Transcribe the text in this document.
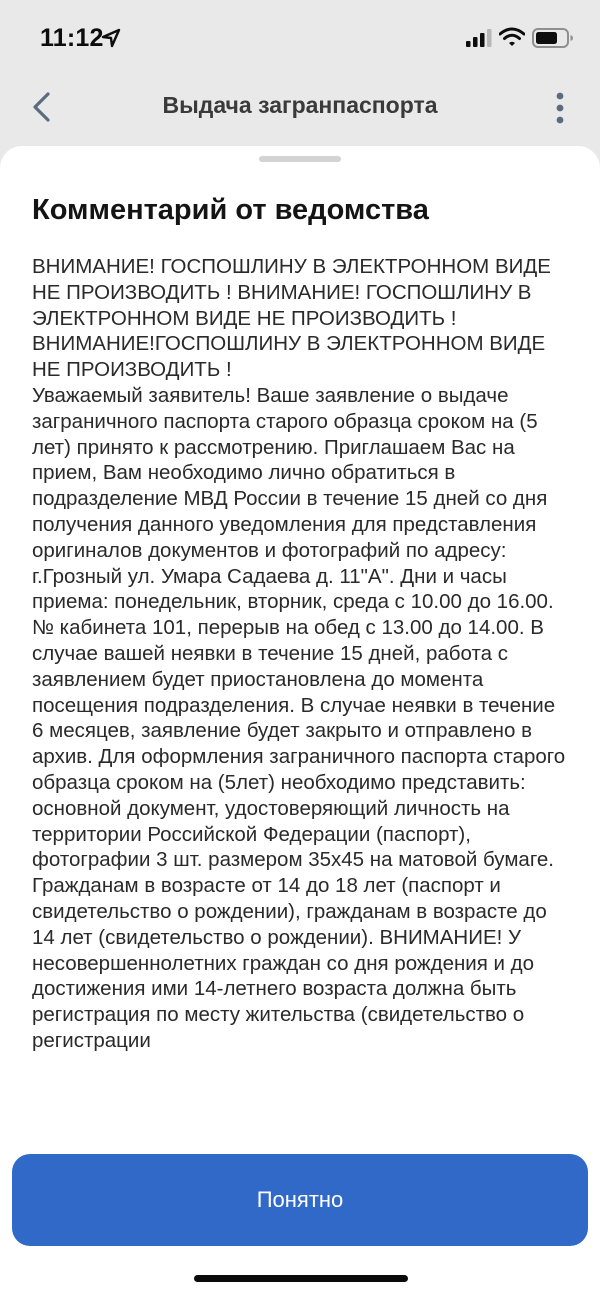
11:12
Выдача загранпаспорта
Комментарий от ведомства
ВНИМАНИЕ! ГОСПОШЛИНУ В ЭЛЕКТРОННОМ ВИДЕ НЕ ПРОИЗВОДИТЬ ! ВНИМАНИЕ! ГОСПОШЛИНУ В ЭЛЕКТРОННОМ ВИДЕ НЕ ПРОИЗВОДИТЬ ! ВНИМАНИЕ!ГОСПОШЛИНУ В ЭЛЕКТРОННОМ ВИДЕ НЕ ПРОИЗВОДИТЬ !
Уважаемый заявитель! Ваше заявление о выдаче заграничного паспорта старого образца сроком на (5 лет) принято к рассмотрению. Приглашаем Вас на прием, Вам необходимо лично обратиться в подразделение МВД России в течение 15 дней со дня получения данного уведомления для представления оригиналов документов и фотографий по адресу: г.Грозный ул. Умара Садаева д. 11"А". Дни и часы приема: понедельник, вторник, среда с 10.00 до 16.00. № кабинета 101, перерыв на обед с 13.00 до 14.00. В случае вашей неявки в течение 15 дней, работа с заявлением будет приостановлена до момента посещения подразделения. В случае неявки в течение 6 месяцев, заявление будет закрыто и отправлено в архив. Для оформления заграничного паспорта старого образца сроком на (5лет) необходимо представить: основной документ, удостоверяющий личность на территории Российской Федерации (паспорт), фотографии 3 шт. размером 35х45 на матовой бумаге. Гражданам в возрасте от 14 до 18 лет (паспорт и свидетельство о рождении), гражданам в возрасте до 14 лет (свидетельство о рождении). ВНИМАНИЕ! У несовершеннолетних граждан со дня рождения и до достижения ими 14-летнего возраста должна быть регистрация по месту жительства (свидетельство о регистрации
Понятно
